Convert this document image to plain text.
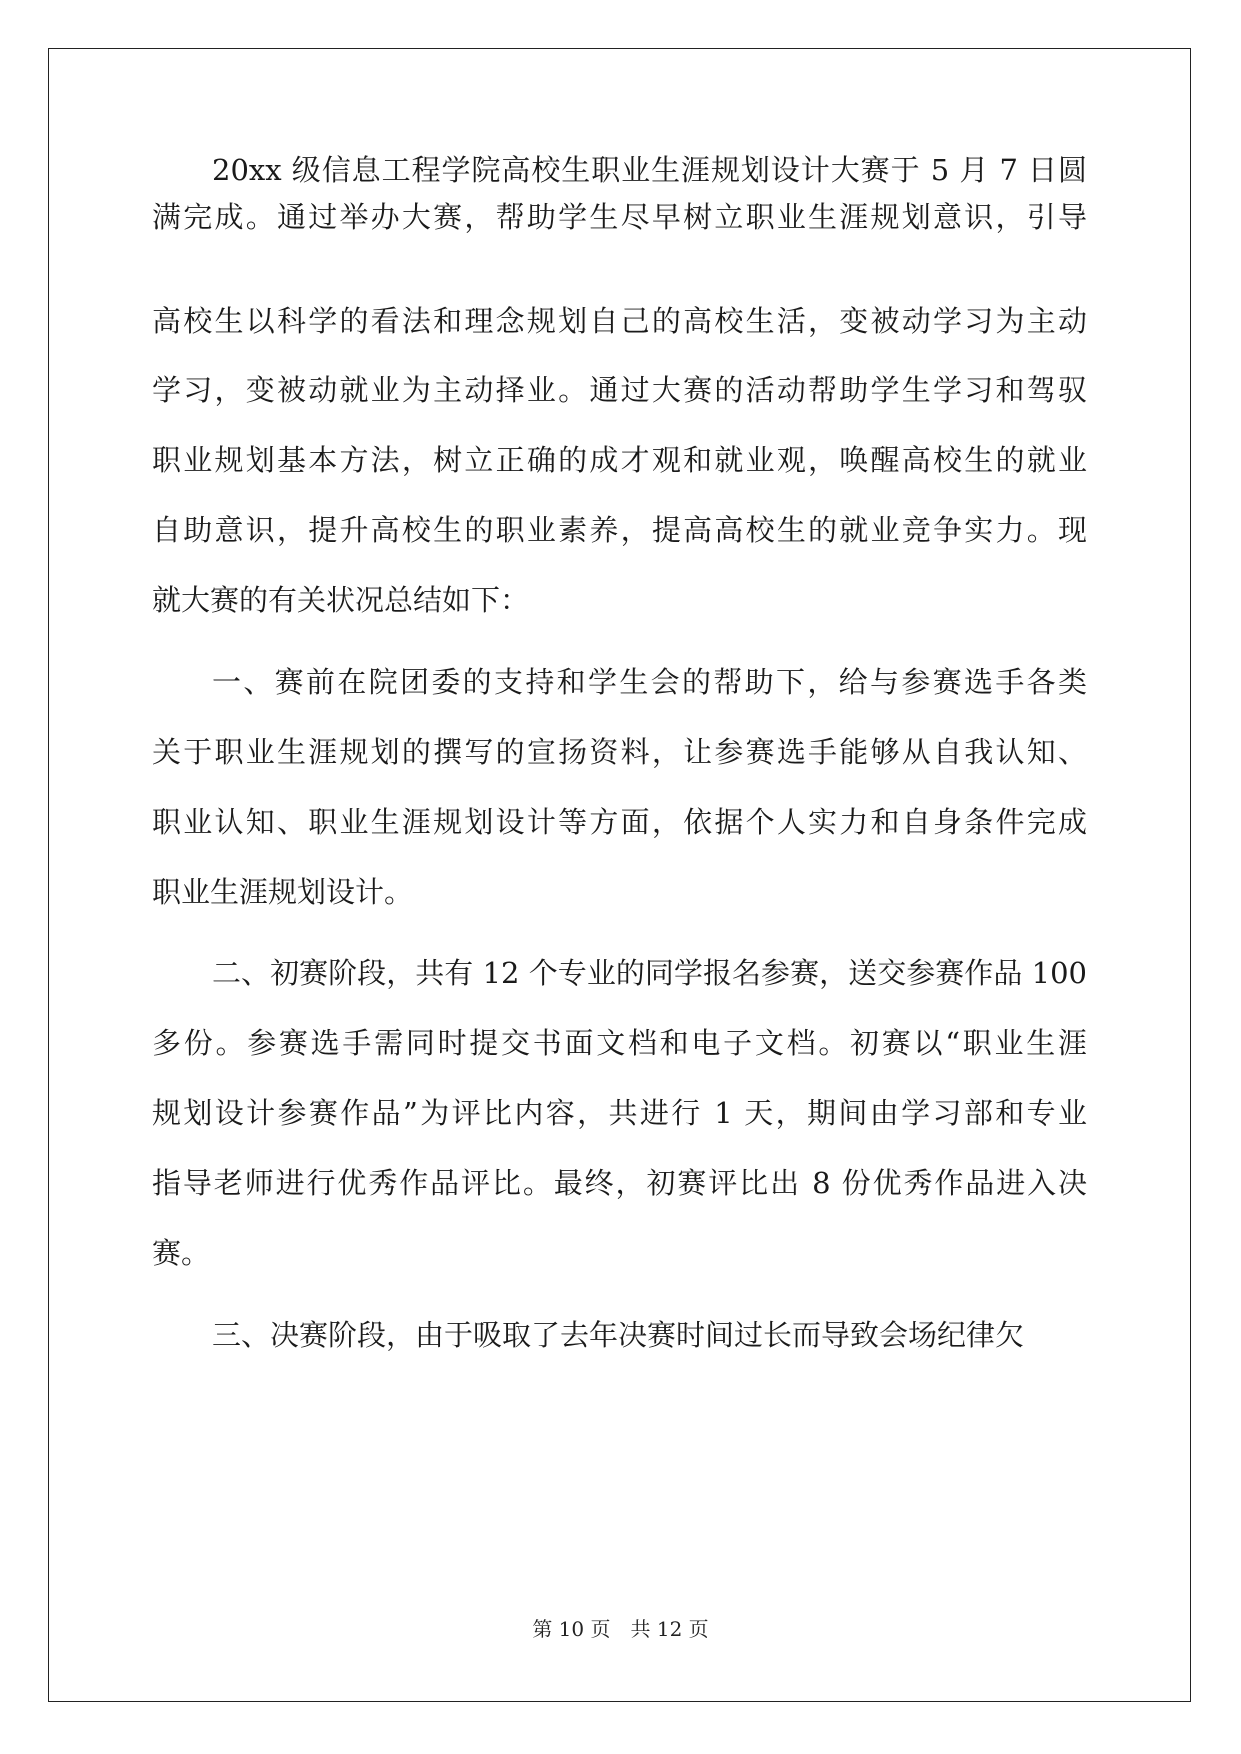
20xx 级信息工程学院高校生职业生涯规划设计大赛于 5 月 7 日圆
满完成。通过举办大赛，帮助学生尽早树立职业生涯规划意识，引导
高校生以科学的看法和理念规划自己的高校生活，变被动学习为主动
学习，变被动就业为主动择业。通过大赛的活动帮助学生学习和驾驭
职业规划基本方法，树立正确的成才观和就业观，唤醒高校生的就业
自助意识，提升高校生的职业素养，提高高校生的就业竞争实力。现
就大赛的有关状况总结如下：
一、赛前在院团委的支持和学生会的帮助下，给与参赛选手各类
关于职业生涯规划的撰写的宣扬资料，让参赛选手能够从自我认知、
职业认知、职业生涯规划设计等方面，依据个人实力和自身条件完成
职业生涯规划设计。
二、初赛阶段，共有 12 个专业的同学报名参赛，送交参赛作品 100
多份。参赛选手需同时提交书面文档和电子文档。初赛以“职业生涯
规划设计参赛作品”为评比内容，共进行 1 天，期间由学习部和专业
指导老师进行优秀作品评比。最终，初赛评比出 8 份优秀作品进入决
赛。
三、决赛阶段，由于吸取了去年决赛时间过长而导致会场纪律欠
第 10 页　共 12 页
